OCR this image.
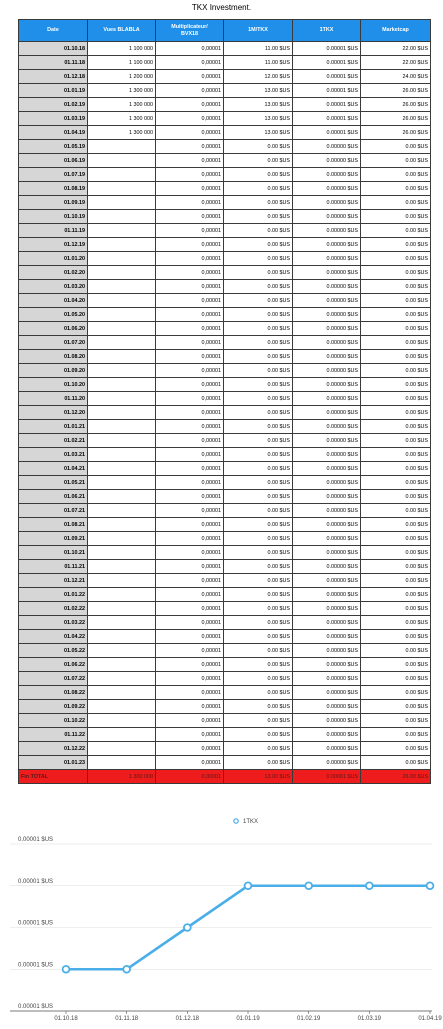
TKX Investment.
Date	Vues BLABLA	Multiplicateur/
BVX18	1M/TKX	1TKX	Marketcap
01.10.18	1 100 000	0,00001	11.00 $US	0.00001 $US	22.00 $US
01.11.18	1 100 000	0,00001	11.00 $US	0.00001 $US	22.00 $US
01.12.18	1 200 000	0,00001	12.00 $US	0.00001 $US	24.00 $US
01.01.19	1 300 000	0,00001	13.00 $US	0.00001 $US	26.00 $US
01.02.19	1 300 000	0,00001	13.00 $US	0.00001 $US	26.00 $US
01.03.19	1 300 000	0,00001	13.00 $US	0.00001 $US	26.00 $US
01.04.19	1 300 000	0,00001	13.00 $US	0.00001 $US	26.00 $US
01.05.19		0,00001	0.00 $US	0.00000 $US	0.00 $US
01.06.19		0,00001	0.00 $US	0.00000 $US	0.00 $US
01.07.19		0,00001	0.00 $US	0.00000 $US	0.00 $US
01.08.19		0,00001	0.00 $US	0.00000 $US	0.00 $US
01.09.19		0,00001	0.00 $US	0.00000 $US	0.00 $US
01.10.19		0,00001	0.00 $US	0.00000 $US	0.00 $US
01.11.19		0,00001	0.00 $US	0.00000 $US	0.00 $US
01.12.19		0,00001	0.00 $US	0.00000 $US	0.00 $US
01.01.20		0,00001	0.00 $US	0.00000 $US	0.00 $US
01.02.20		0,00001	0.00 $US	0.00000 $US	0.00 $US
01.03.20		0,00001	0.00 $US	0.00000 $US	0.00 $US
01.04.20		0,00001	0.00 $US	0.00000 $US	0.00 $US
01.05.20		0,00001	0.00 $US	0.00000 $US	0.00 $US
01.06.20		0,00001	0.00 $US	0.00000 $US	0.00 $US
01.07.20		0,00001	0.00 $US	0.00000 $US	0.00 $US
01.08.20		0,00001	0.00 $US	0.00000 $US	0.00 $US
01.09.20		0,00001	0.00 $US	0.00000 $US	0.00 $US
01.10.20		0,00001	0.00 $US	0.00000 $US	0.00 $US
01.11.20		0,00001	0.00 $US	0.00000 $US	0.00 $US
01.12.20		0,00001	0.00 $US	0.00000 $US	0.00 $US
01.01.21		0,00001	0.00 $US	0.00000 $US	0.00 $US
01.02.21		0,00001	0.00 $US	0.00000 $US	0.00 $US
01.03.21		0,00001	0.00 $US	0.00000 $US	0.00 $US
01.04.21		0,00001	0.00 $US	0.00000 $US	0.00 $US
01.05.21		0,00001	0.00 $US	0.00000 $US	0.00 $US
01.06.21		0,00001	0.00 $US	0.00000 $US	0.00 $US
01.07.21		0,00001	0.00 $US	0.00000 $US	0.00 $US
01.08.21		0,00001	0.00 $US	0.00000 $US	0.00 $US
01.09.21		0,00001	0.00 $US	0.00000 $US	0.00 $US
01.10.21		0,00001	0.00 $US	0.00000 $US	0.00 $US
01.11.21		0,00001	0.00 $US	0.00000 $US	0.00 $US
01.12.21		0,00001	0.00 $US	0.00000 $US	0.00 $US
01.01.22		0,00001	0.00 $US	0.00000 $US	0.00 $US
01.02.22		0,00001	0.00 $US	0.00000 $US	0.00 $US
01.03.22		0,00001	0.00 $US	0.00000 $US	0.00 $US
01.04.22		0,00001	0.00 $US	0.00000 $US	0.00 $US
01.05.22		0,00001	0.00 $US	0.00000 $US	0.00 $US
01.06.22		0,00001	0.00 $US	0.00000 $US	0.00 $US
01.07.22		0,00001	0.00 $US	0.00000 $US	0.00 $US
01.08.22		0,00001	0.00 $US	0.00000 $US	0.00 $US
01.09.22		0,00001	0.00 $US	0.00000 $US	0.00 $US
01.10.22		0,00001	0.00 $US	0.00000 $US	0.00 $US
01.11.22		0,00001	0.00 $US	0.00000 $US	0.00 $US
01.12.22		0,00001	0.00 $US	0.00000 $US	0.00 $US
01.01.23		0,00001	0.00 $US	0.00000 $US	0.00 $US
Fin TOTAL	1 300 000	0,00001	13.00 $US	0.00001 $US	26.00 $US
0.00001 $US
0.00001 $US
0.00001 $US
0.00001 $US
0.00001 $US
01.10.18	01.11.18	01.12.18	01.01.19	01.02.19	01.03.19	01.04.19
1TKX
